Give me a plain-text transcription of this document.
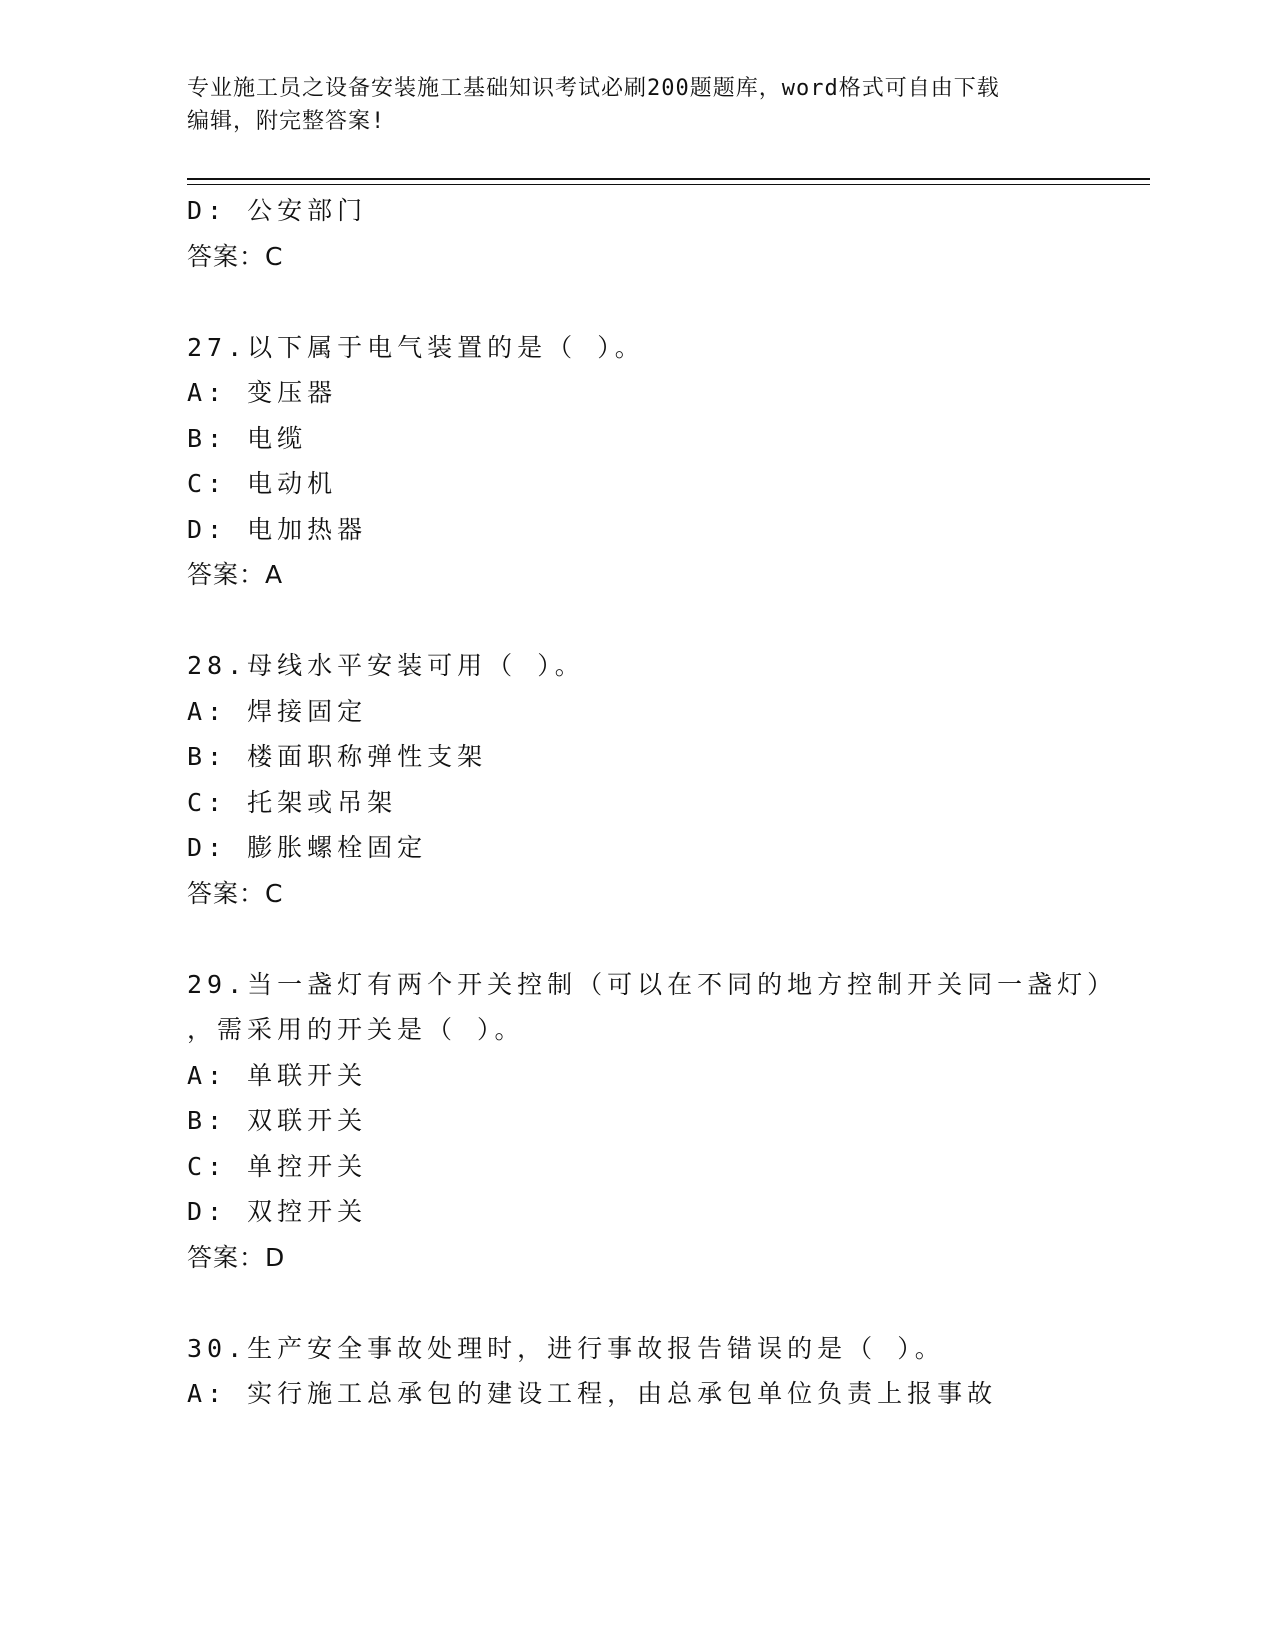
专业施工员之设备安装施工基础知识考试必刷200题题库，word格式可自由下载
编辑，附完整答案!
D: 公安部门
答案：C
27.以下属于电气装置的是（ ）。
A: 变压器
B: 电缆
C: 电动机
D: 电加热器
答案：A
28.母线水平安装可用（ ）。
A: 焊接固定
B: 楼面职称弹性支架
C: 托架或吊架
D: 膨胀螺栓固定
答案：C
29.当一盏灯有两个开关控制（可以在不同的地方控制开关同一盏灯）
，需采用的开关是（ ）。
A: 单联开关
B: 双联开关
C: 单控开关
D: 双控开关
答案：D
30.生产安全事故处理时，进行事故报告错误的是（ ）。
A: 实行施工总承包的建设工程，由总承包单位负责上报事故
